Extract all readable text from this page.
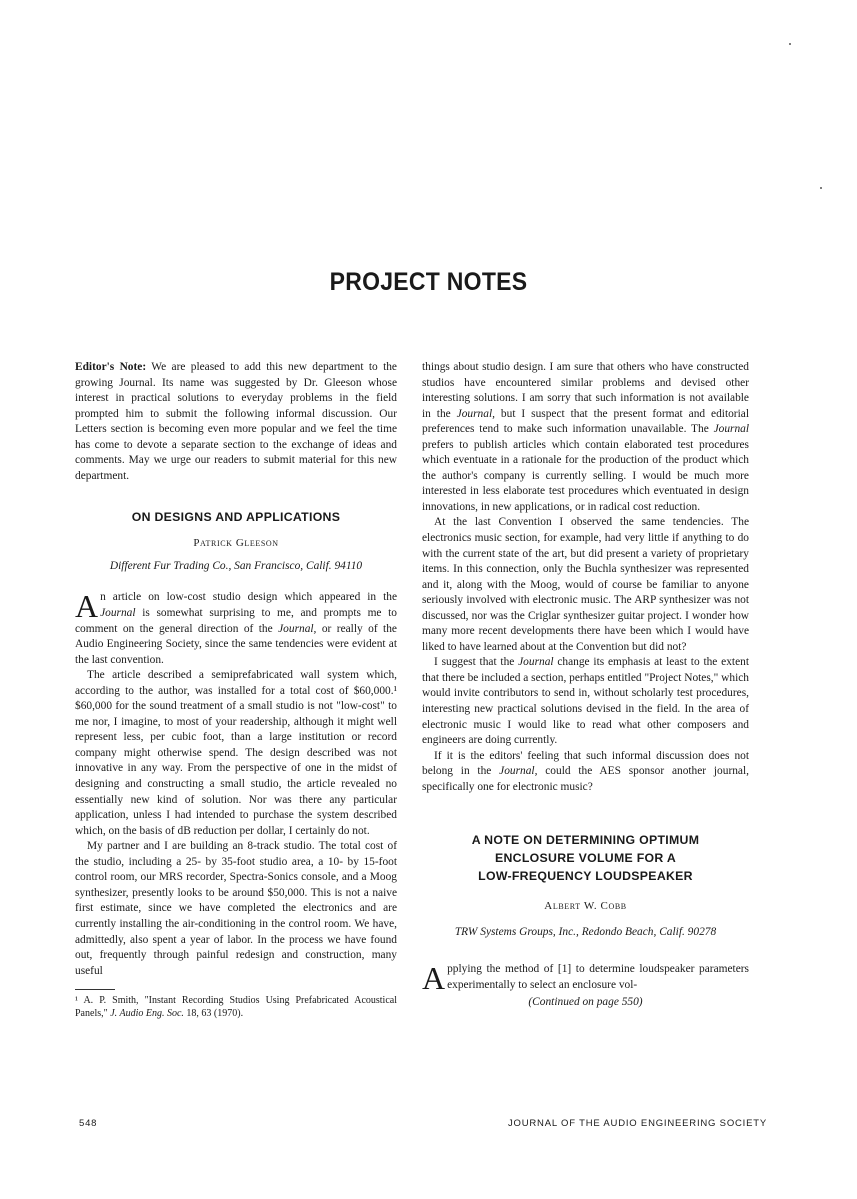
PROJECT NOTES

Editor's Note: We are pleased to add this new department to the growing Journal. Its name was suggested by Dr. Gleeson whose interest in practical solutions to everyday problems in the field prompted him to submit the following informal discussion. Our Letters section is becoming even more popular and we feel the time has come to devote a separate section to the exchange of ideas and comments. May we urge our readers to submit material for this new department.

ON DESIGNS AND APPLICATIONS
Patrick Gleeson
Different Fur Trading Co., San Francisco, Calif. 94110

An article on low-cost studio design which appeared in the Journal is somewhat surprising to me, and prompts me to comment on the general direction of the Journal, or really of the Audio Engineering Society, since the same tendencies were evident at the last convention.

The article described a semiprefabricated wall system which, according to the author, was installed for a total cost of $60,000.¹ $60,000 for the sound treatment of a small studio is not "low-cost" to me nor, I imagine, to most of your readership, although it might well represent less, per cubic foot, than a large institution or record company might otherwise spend. The design described was not innovative in any way. From the perspective of one in the midst of designing and constructing a small studio, the article revealed no essentially new kind of solution. Nor was there any particular application, unless I had intended to purchase the system described which, on the basis of dB reduction per dollar, I certainly do not.

My partner and I are building an 8-track studio. The total cost of the studio, including a 25- by 35-foot studio area, a 10- by 15-foot control room, our MRS recorder, Spectra-Sonics console, and a Moog synthesizer, presently looks to be around $50,000. This is not a naive first estimate, since we have completed the electronics and are currently installing the air-conditioning in the control room. We have, admittedly, also spent a year of labor. In the process we have found out, frequently through painful redesign and construction, many useful

¹ A. P. Smith, "Instant Recording Studios Using Prefabricated Acoustical Panels," J. Audio Eng. Soc. 18, 63 (1970).

things about studio design. I am sure that others who have constructed studios have encountered similar problems and devised other interesting solutions. I am sorry that such information is not available in the Journal, but I suspect that the present format and editorial preferences tend to make such information unavailable. The Journal prefers to publish articles which contain elaborated test procedures which eventuate in a rationale for the production of the product which the author's company is currently selling. I would be much more interested in less elaborate test procedures which eventuated in design innovations, in new applications, or in radical cost reduction.

At the last Convention I observed the same tendencies. The electronics music section, for example, had very little if anything to do with the current state of the art, but did present a variety of proprietary items. In this connection, only the Buchla synthesizer was represented and it, along with the Moog, would of course be familiar to anyone seriously involved with electronic music. The ARP synthesizer was not discussed, nor was the Criglar synthesizer guitar project. I wonder how many more recent developments there have been which I would have liked to have learned about at the Convention but did not?

I suggest that the Journal change its emphasis at least to the extent that there be included a section, perhaps entitled "Project Notes," which would invite contributors to send in, without scholarly test procedures, interesting new practical solutions devised in the field. In the area of electronic music I would like to read what other composers and engineers are doing currently.

If it is the editors' feeling that such informal discussion does not belong in the Journal, could the AES sponsor another journal, specifically one for electronic music?

A NOTE ON DETERMINING OPTIMUM
ENCLOSURE VOLUME FOR A
LOW-FREQUENCY LOUDSPEAKER
Albert W. Cobb
TRW Systems Groups, Inc., Redondo Beach, Calif. 90278

Applying the method of [1] to determine loudspeaker parameters experimentally to select an enclosure vol-

(Continued on page 550)
548	JOURNAL OF THE AUDIO ENGINEERING SOCIETY
